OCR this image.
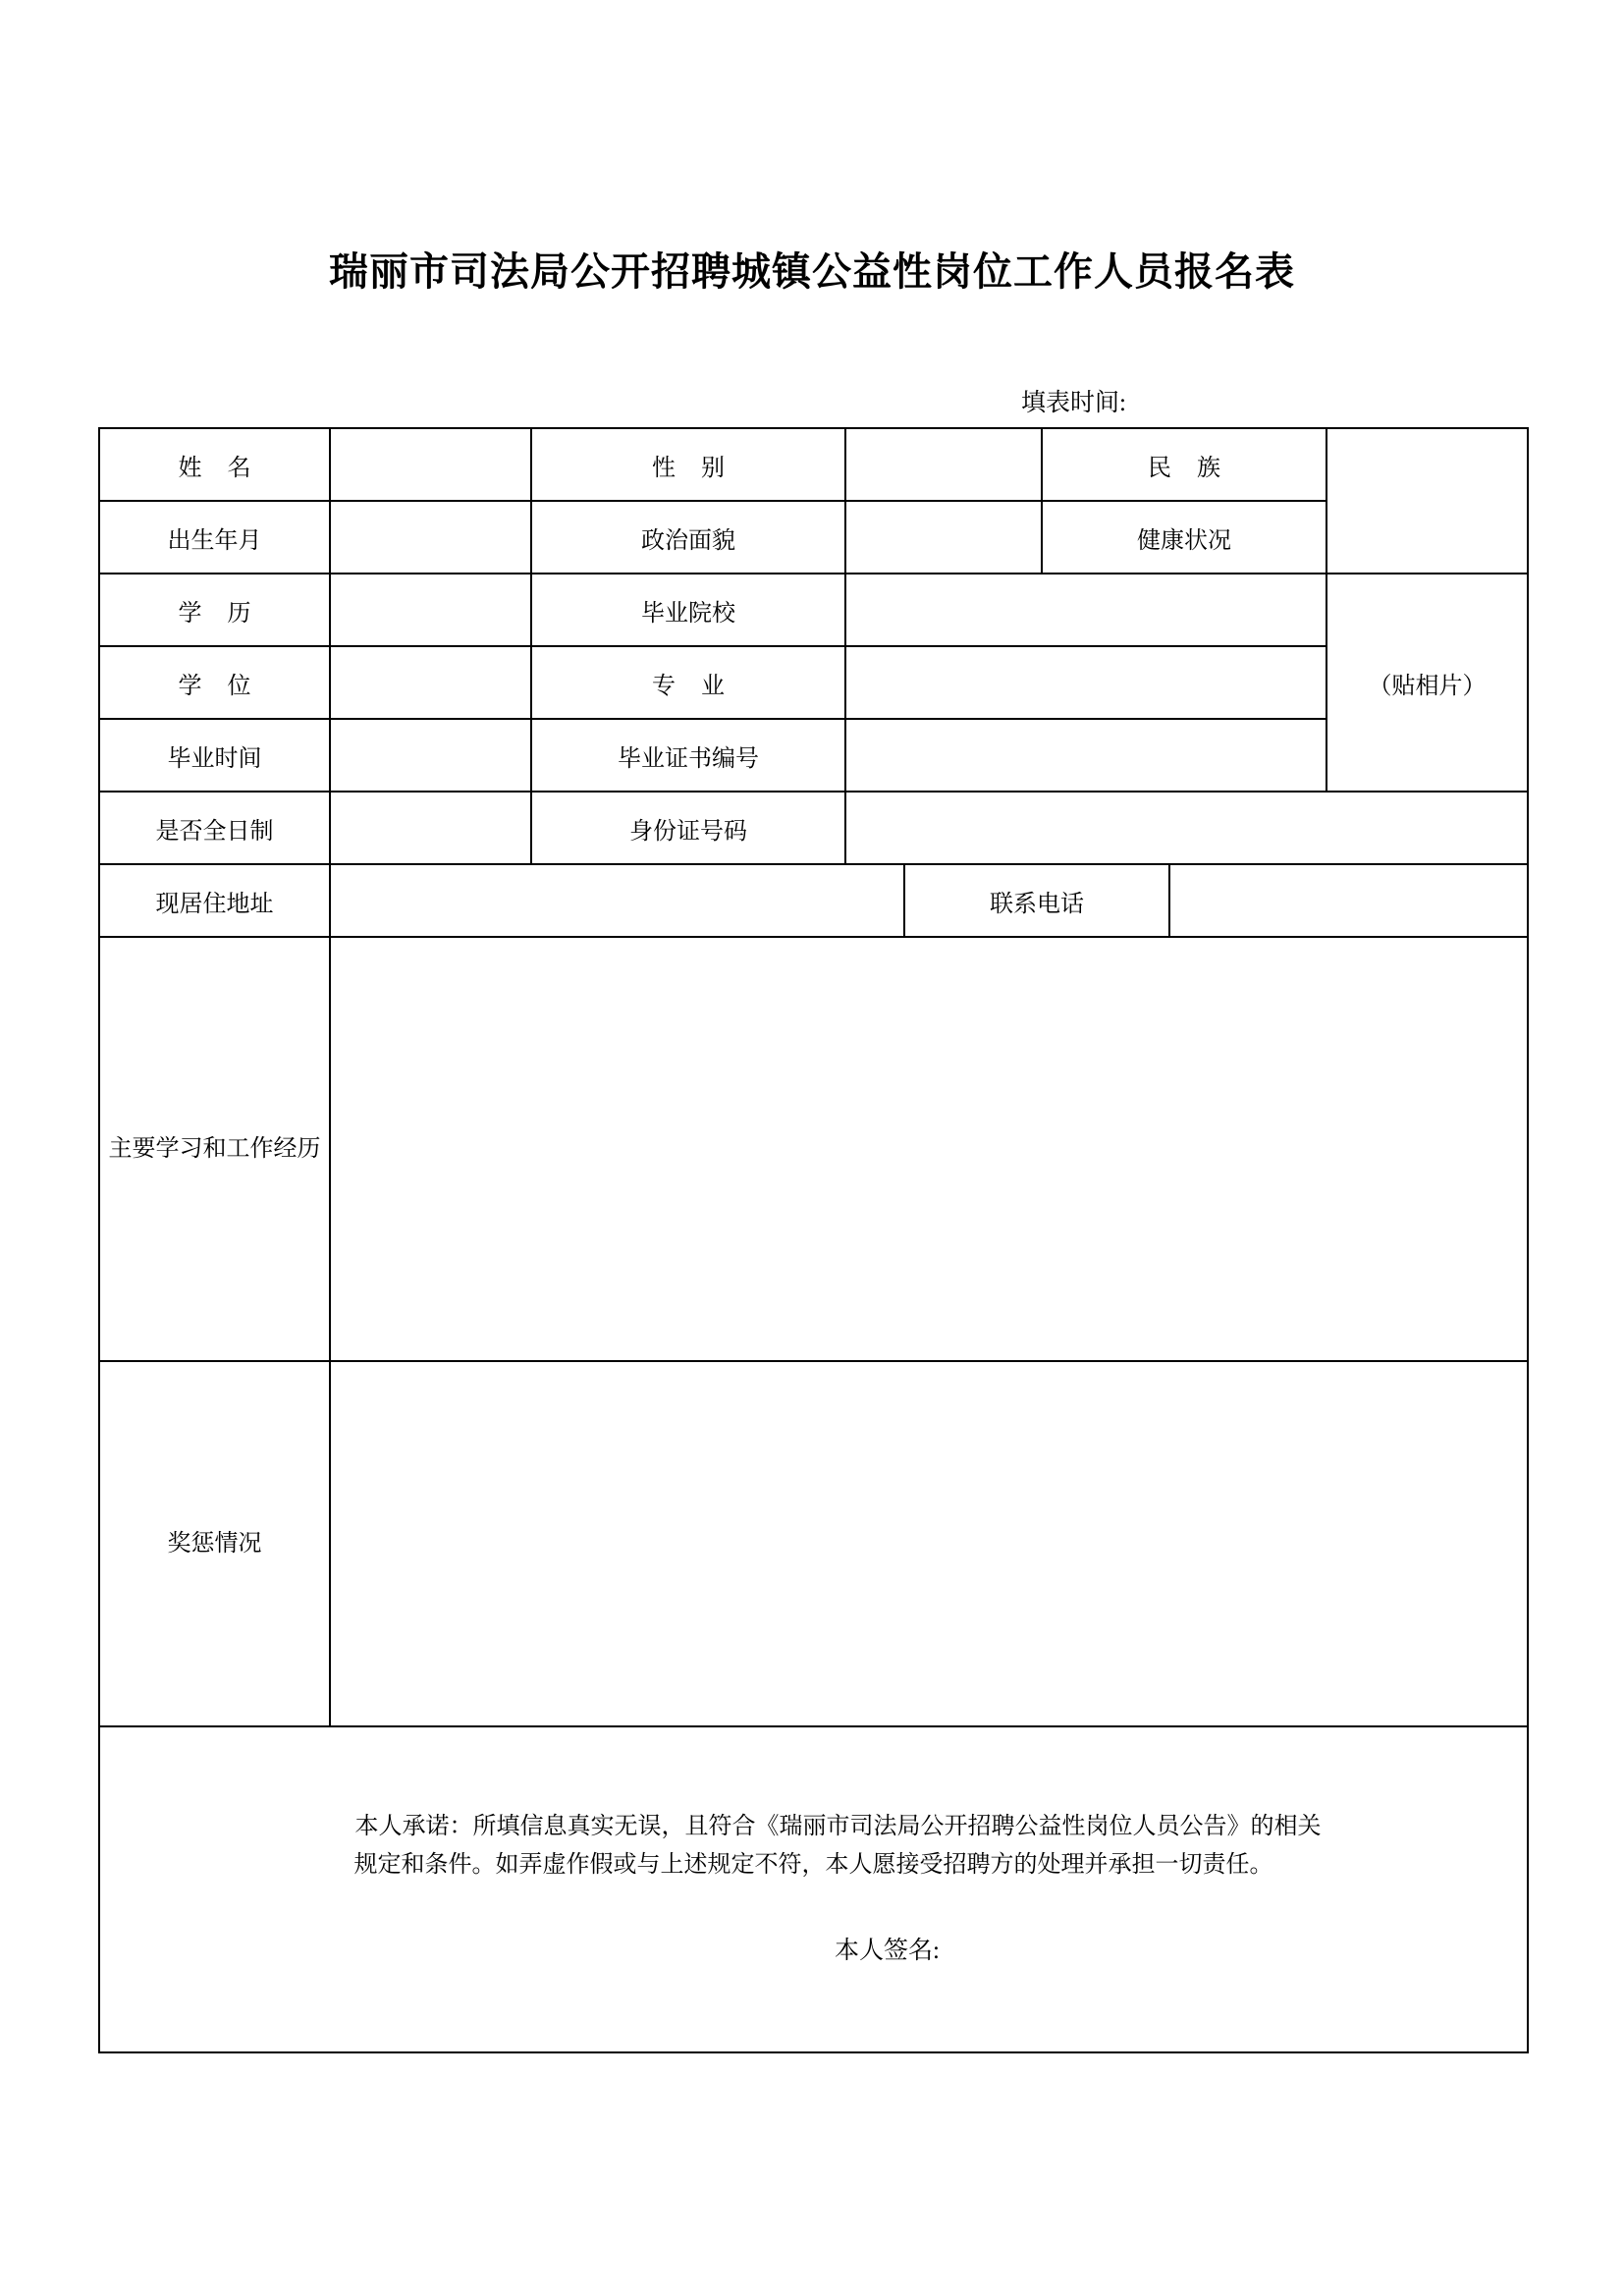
瑞丽市司法局公开招聘城镇公益性岗位工作人员报名表
填表时间:
姓 名		性 别			民 族		
出生年月		政治面貌			健康状况		
学 历		毕业院校					（贴相片）
学 位		专 业					
毕业时间		毕业证书编号					
是否全日制		身份证号码					
现居住地址				联系电话			
主要学习和工作经历							
奖惩情况							

本人承诺：所填信息真实无误，且符合《瑞丽市司法局公开招聘公益性岗位人员公告》的相关

规定和条件。如弄虚作假或与上述规定不符，本人愿接受招聘方的处理并承担一切责任。

本人签名:							
